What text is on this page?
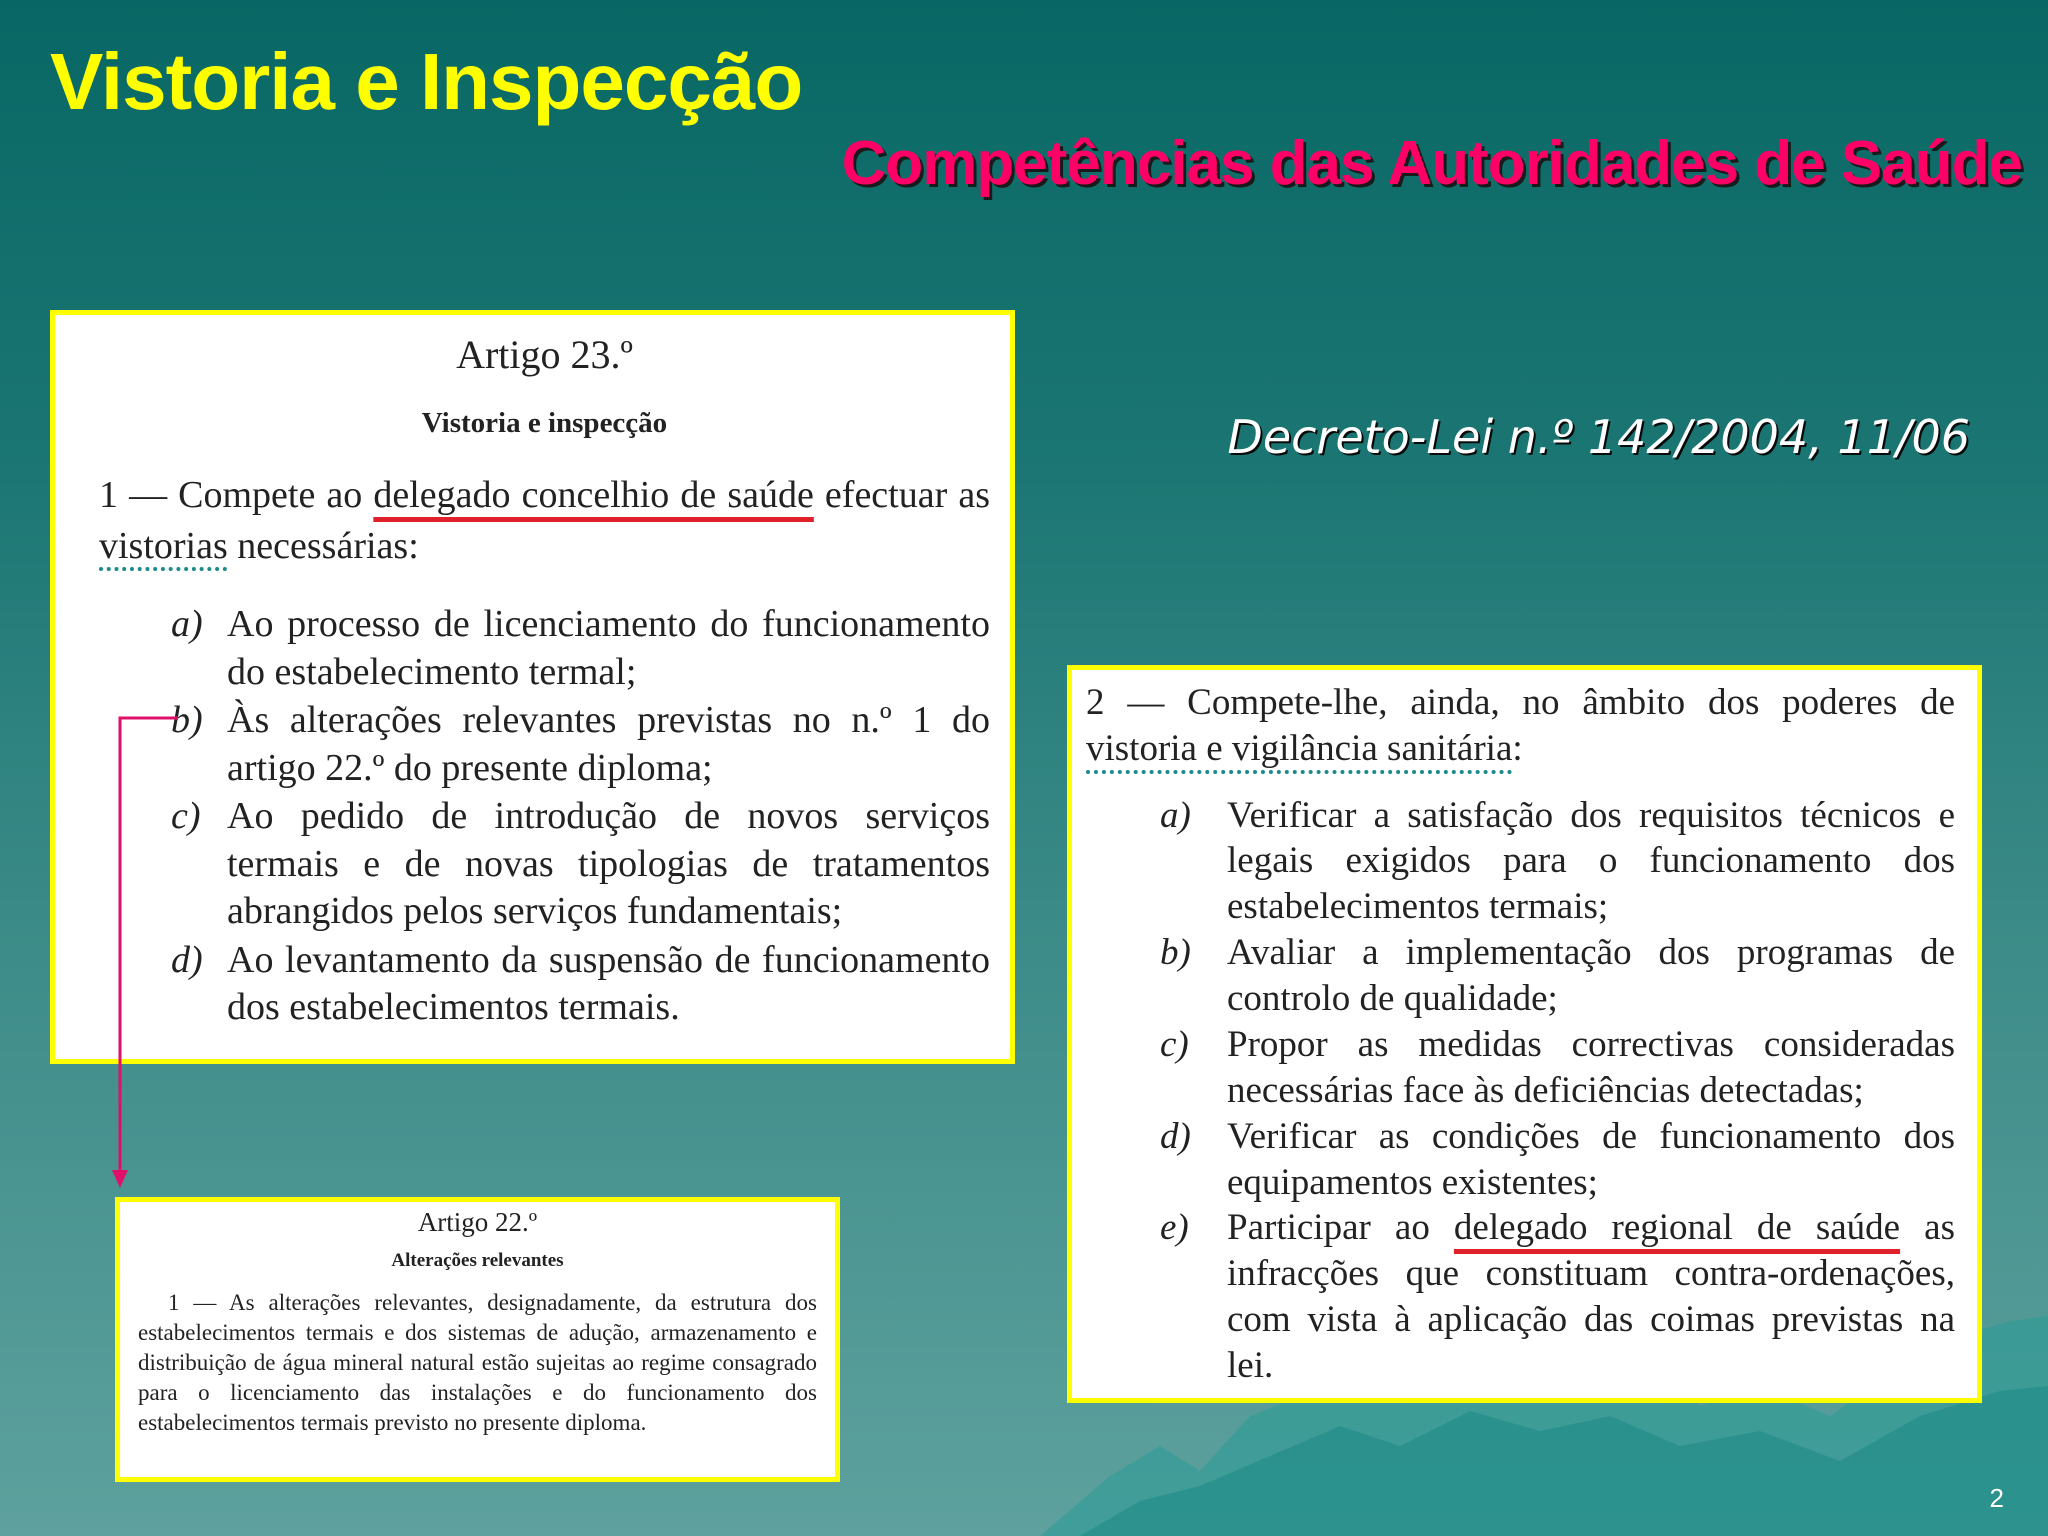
Vistoria e Inspecção
Competências das Autoridades de Saúde

Decreto-Lei n.º 142/2004, 11/06

Artigo 23.º

Vistoria e inspecção

1 — Compete ao delegado concelhio de saúde efectuar as vistorias necessárias:

a) Ao processo de licenciamento do funcionamento do estabelecimento termal;
b) Às alterações relevantes previstas no n.º 1 do artigo 22.º do presente diploma;
c) Ao pedido de introdução de novos serviços termais e de novas tipologias de tratamentos abrangidos pelos serviços fundamentais;
d) Ao levantamento da suspensão de funcionamento dos estabelecimentos termais.

2 — Compete-lhe, ainda, no âmbito dos poderes de vistoria e vigilância sanitária:

a) Verificar a satisfação dos requisitos técnicos e legais exigidos para o funcionamento dos estabelecimentos termais;
b) Avaliar a implementação dos programas de controlo de qualidade;
c) Propor as medidas correctivas consideradas necessárias face às deficiências detectadas;
d) Verificar as condições de funcionamento dos equipamentos existentes;
e) Participar ao delegado regional de saúde as infracções que constituam contra-ordenações, com vista à aplicação das coimas previstas na lei.

Artigo 22.º

Alterações relevantes

1 — As alterações relevantes, designadamente, da estrutura dos estabelecimentos termais e dos sistemas de adução, armazenamento e distribuição de água mineral natural estão sujeitas ao regime consagrado para o licenciamento das instalações e do funcionamento dos estabelecimentos termais previsto no presente diploma.

2
